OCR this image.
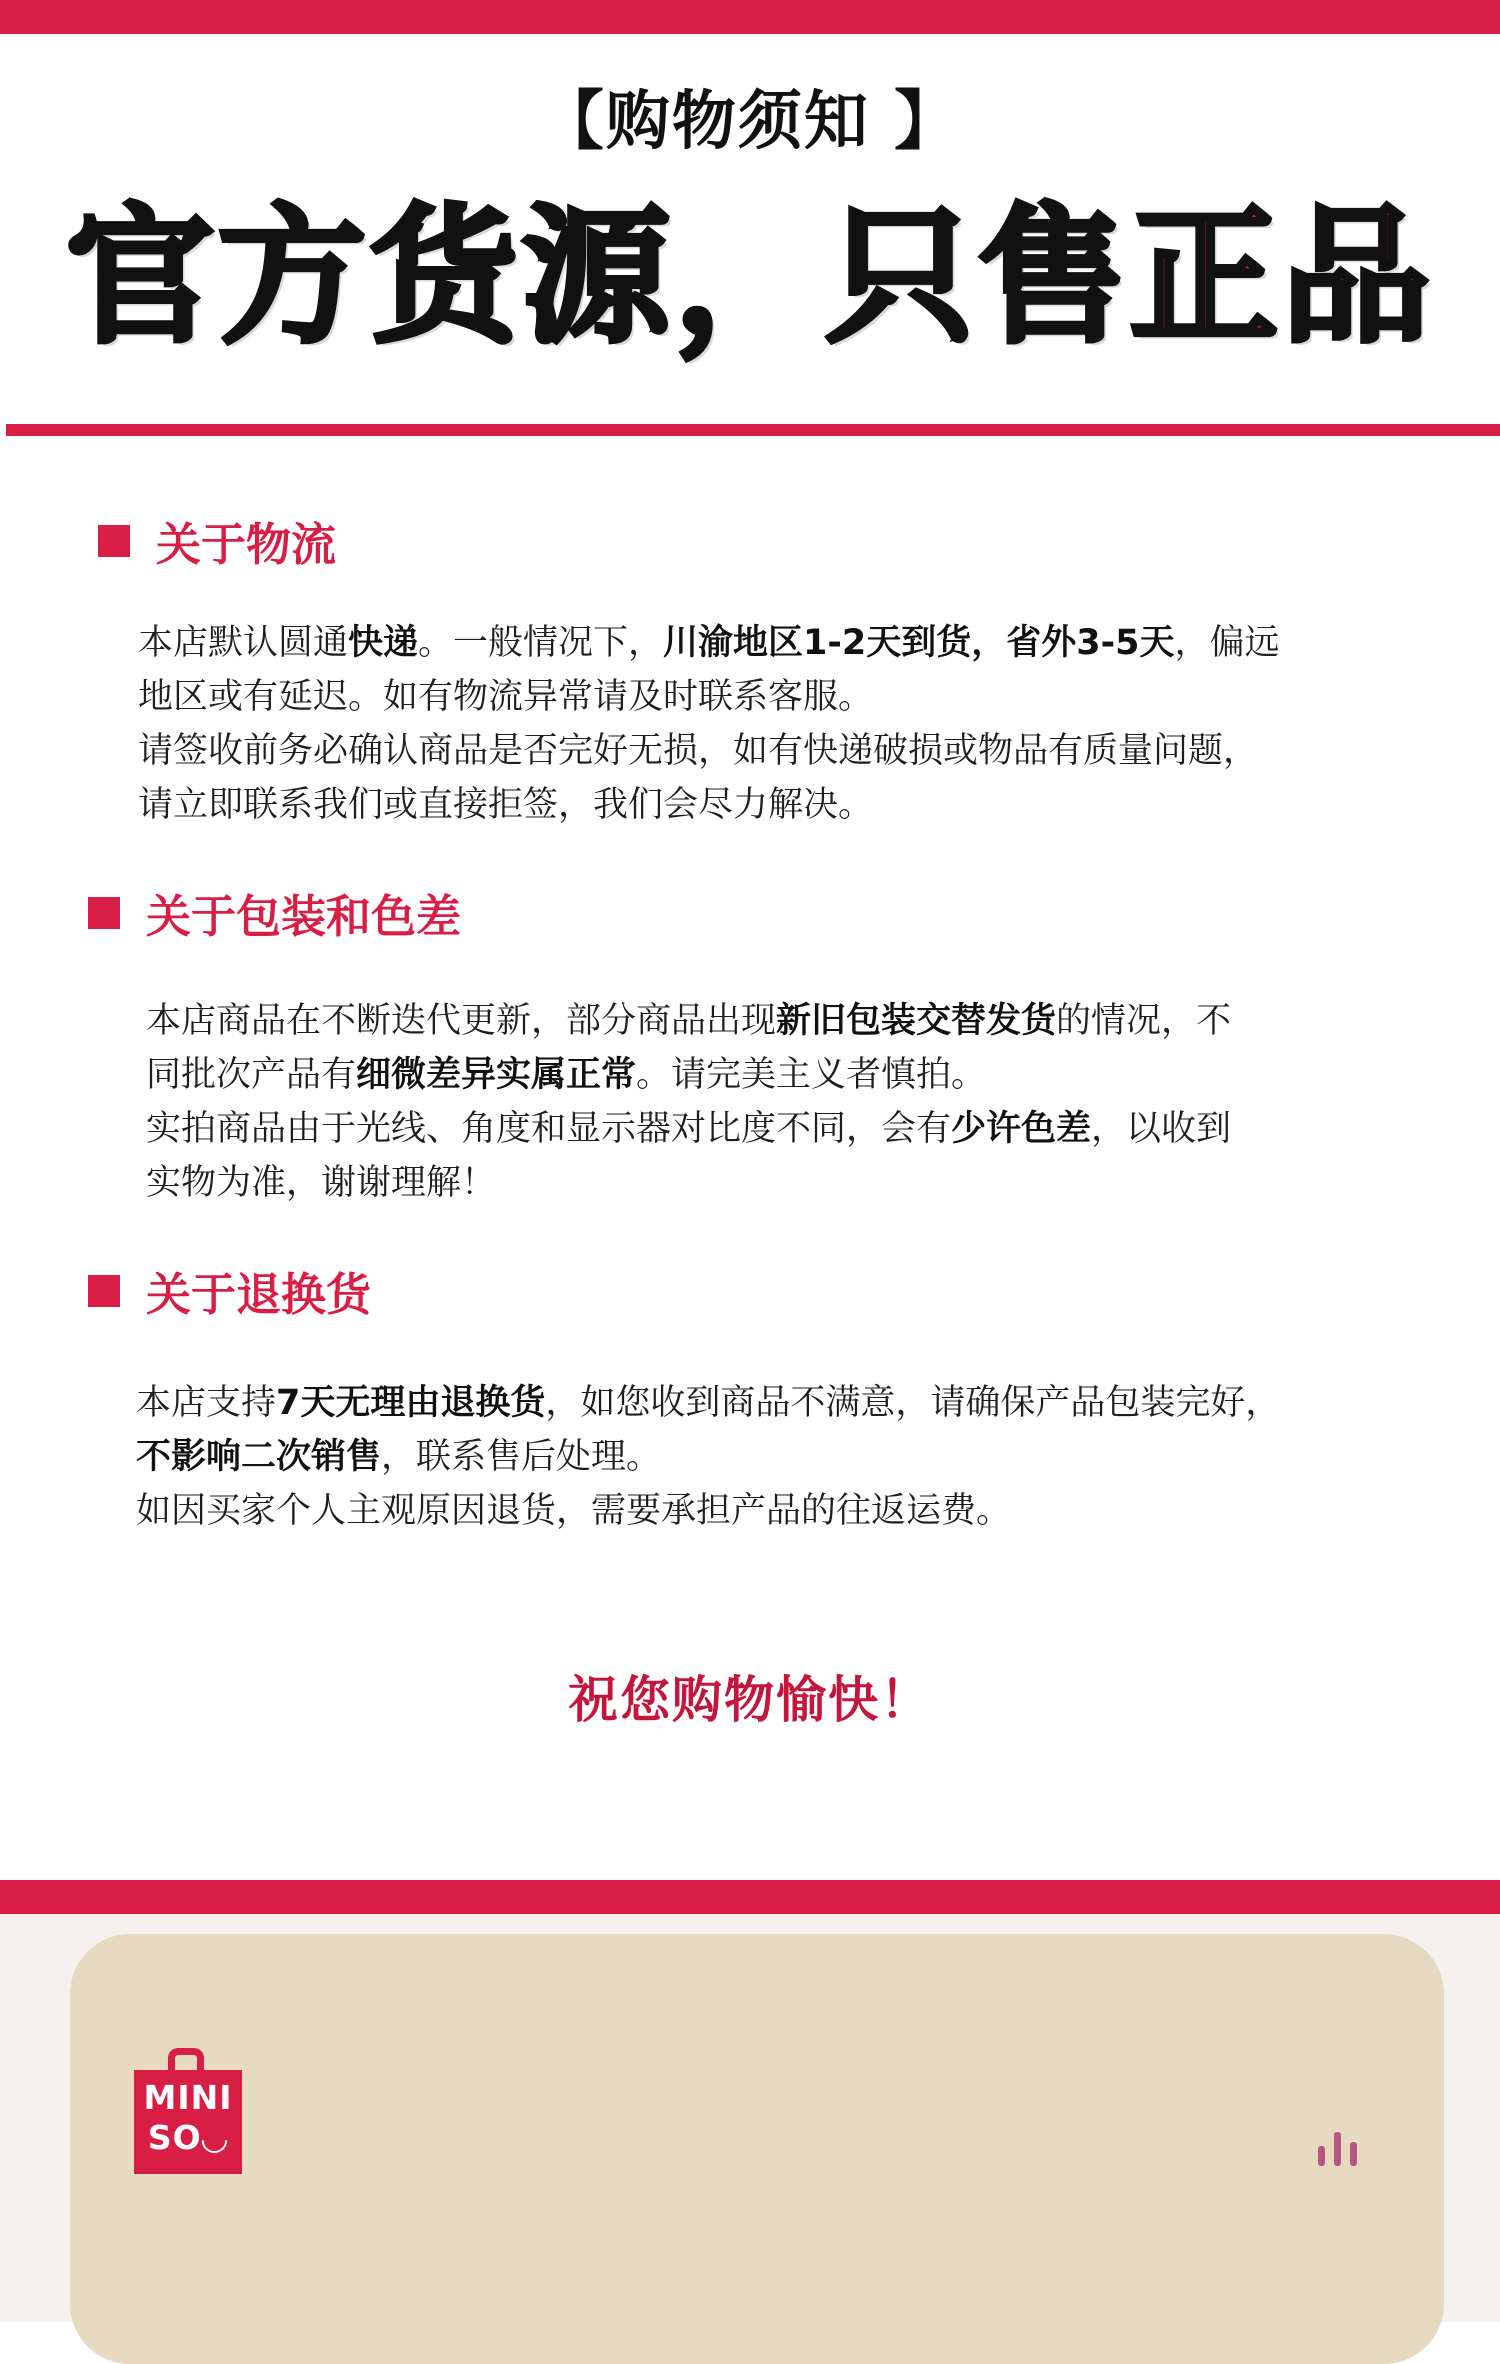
【购物须知 】
官方货源，只售正品
关于物流

本店默认圆通快递。一般情况下，川渝地区1-2天到货，省外3-5天，偏远

地区或有延迟。如有物流异常请及时联系客服。

请签收前务必确认商品是否完好无损，如有快递破损或物品有质量问题，

请立即联系我们或直接拒签，我们会尽力解决。

关于包装和色差

本店商品在不断迭代更新，部分商品出现新旧包装交替发货的情况，不

同批次产品有细微差异实属正常。请完美主义者慎拍。

实拍商品由于光线、角度和显示器对比度不同，会有少许色差，以收到

实物为准，谢谢理解！

关于退换货

本店支持7天无理由退换货，如您收到商品不满意，请确保产品包装完好，

不影响二次销售，联系售后处理。

如因买家个人主观原因退货，需要承担产品的往返运费。

祝您购物愉快！
MINI
SO◡
